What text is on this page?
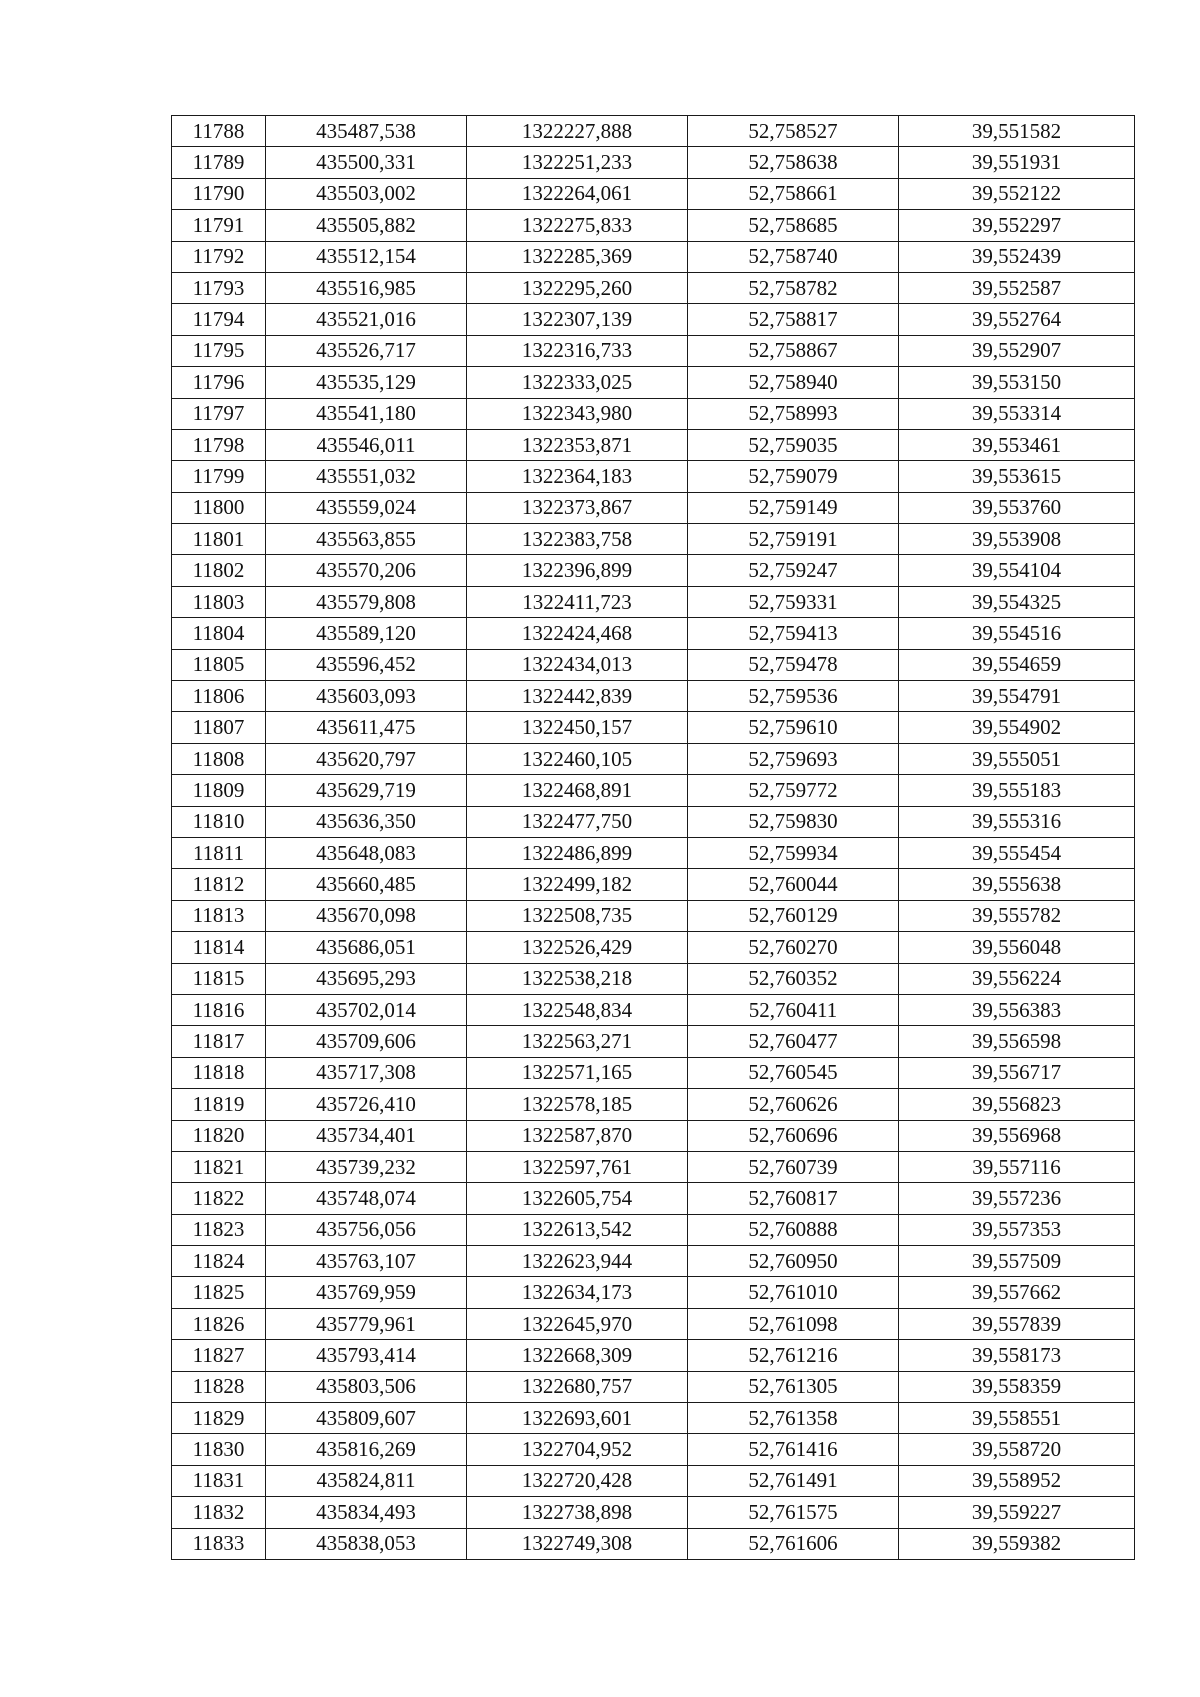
11788	435487,538	1322227,888	52,758527	39,551582
11789	435500,331	1322251,233	52,758638	39,551931
11790	435503,002	1322264,061	52,758661	39,552122
11791	435505,882	1322275,833	52,758685	39,552297
11792	435512,154	1322285,369	52,758740	39,552439
11793	435516,985	1322295,260	52,758782	39,552587
11794	435521,016	1322307,139	52,758817	39,552764
11795	435526,717	1322316,733	52,758867	39,552907
11796	435535,129	1322333,025	52,758940	39,553150
11797	435541,180	1322343,980	52,758993	39,553314
11798	435546,011	1322353,871	52,759035	39,553461
11799	435551,032	1322364,183	52,759079	39,553615
11800	435559,024	1322373,867	52,759149	39,553760
11801	435563,855	1322383,758	52,759191	39,553908
11802	435570,206	1322396,899	52,759247	39,554104
11803	435579,808	1322411,723	52,759331	39,554325
11804	435589,120	1322424,468	52,759413	39,554516
11805	435596,452	1322434,013	52,759478	39,554659
11806	435603,093	1322442,839	52,759536	39,554791
11807	435611,475	1322450,157	52,759610	39,554902
11808	435620,797	1322460,105	52,759693	39,555051
11809	435629,719	1322468,891	52,759772	39,555183
11810	435636,350	1322477,750	52,759830	39,555316
11811	435648,083	1322486,899	52,759934	39,555454
11812	435660,485	1322499,182	52,760044	39,555638
11813	435670,098	1322508,735	52,760129	39,555782
11814	435686,051	1322526,429	52,760270	39,556048
11815	435695,293	1322538,218	52,760352	39,556224
11816	435702,014	1322548,834	52,760411	39,556383
11817	435709,606	1322563,271	52,760477	39,556598
11818	435717,308	1322571,165	52,760545	39,556717
11819	435726,410	1322578,185	52,760626	39,556823
11820	435734,401	1322587,870	52,760696	39,556968
11821	435739,232	1322597,761	52,760739	39,557116
11822	435748,074	1322605,754	52,760817	39,557236
11823	435756,056	1322613,542	52,760888	39,557353
11824	435763,107	1322623,944	52,760950	39,557509
11825	435769,959	1322634,173	52,761010	39,557662
11826	435779,961	1322645,970	52,761098	39,557839
11827	435793,414	1322668,309	52,761216	39,558173
11828	435803,506	1322680,757	52,761305	39,558359
11829	435809,607	1322693,601	52,761358	39,558551
11830	435816,269	1322704,952	52,761416	39,558720
11831	435824,811	1322720,428	52,761491	39,558952
11832	435834,493	1322738,898	52,761575	39,559227
11833	435838,053	1322749,308	52,761606	39,559382
